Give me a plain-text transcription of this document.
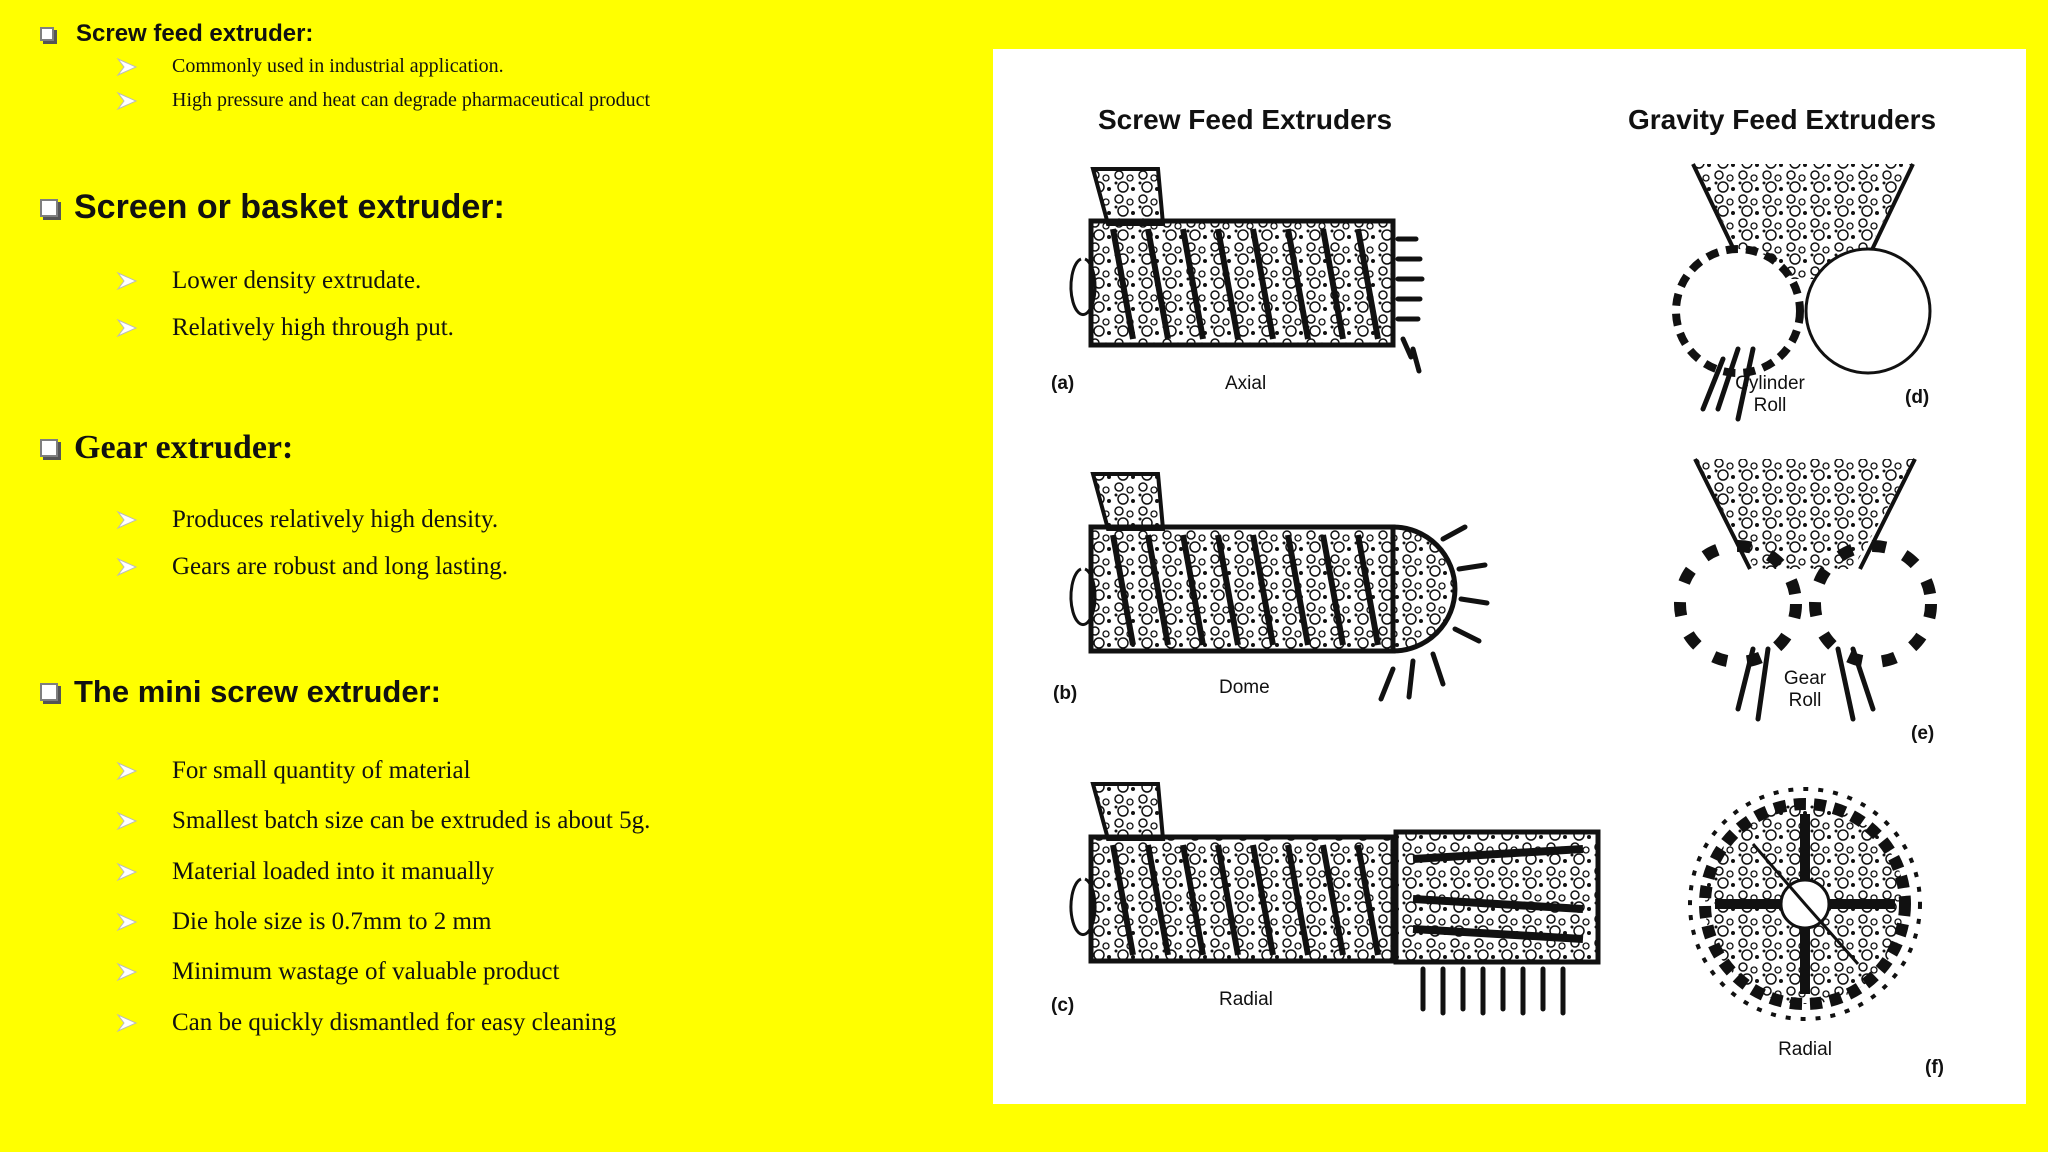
Screw feed extruder:
Commonly used in industrial application.
High pressure and heat can degrade pharmaceutical product
Screen or basket extruder:
Lower density extrudate.
Relatively high through put.
Gear extruder:
Produces relatively high density.
Gears are robust and long lasting.
The mini screw extruder:
For small quantity of material
Smallest batch size can be extruded is about 5g.
Material loaded into it manually
Die hole size is 0.7mm to 2 mm
Minimum wastage of valuable product
Can be quickly dismantled for easy cleaning
Screw Feed Extruders	Gravity Feed Extruders
(a)	Axial	Cylinder
Roll	(d)
(b)	Dome	Gear
Roll
(e)
(c)	Radial
Radial
(f)
